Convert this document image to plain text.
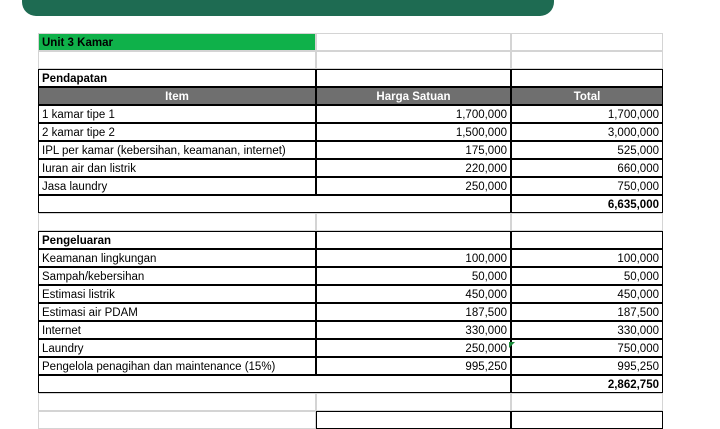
Unit 3 Kamar
Pendapatan
Item	Harga Satuan	Total
1 kamar tipe 1	1,700,000	1,700,000
2 kamar tipe 2	1,500,000	3,000,000
IPL per kamar (kebersihan, keamanan, internet)	175,000	525,000
Iuran air dan listrik	220,000	660,000
Jasa laundry	250,000	750,000
6,635,000
Pengeluaran
Keamanan lingkungan	100,000	100,000
Sampah/kebersihan	50,000	50,000
Estimasi listrik	450,000	450,000
Estimasi air PDAM	187,500	187,500
Internet	330,000	330,000
Laundry	250,000	750,000
Pengelola penagihan dan maintenance (15%)	995,250	995,250
2,862,750
